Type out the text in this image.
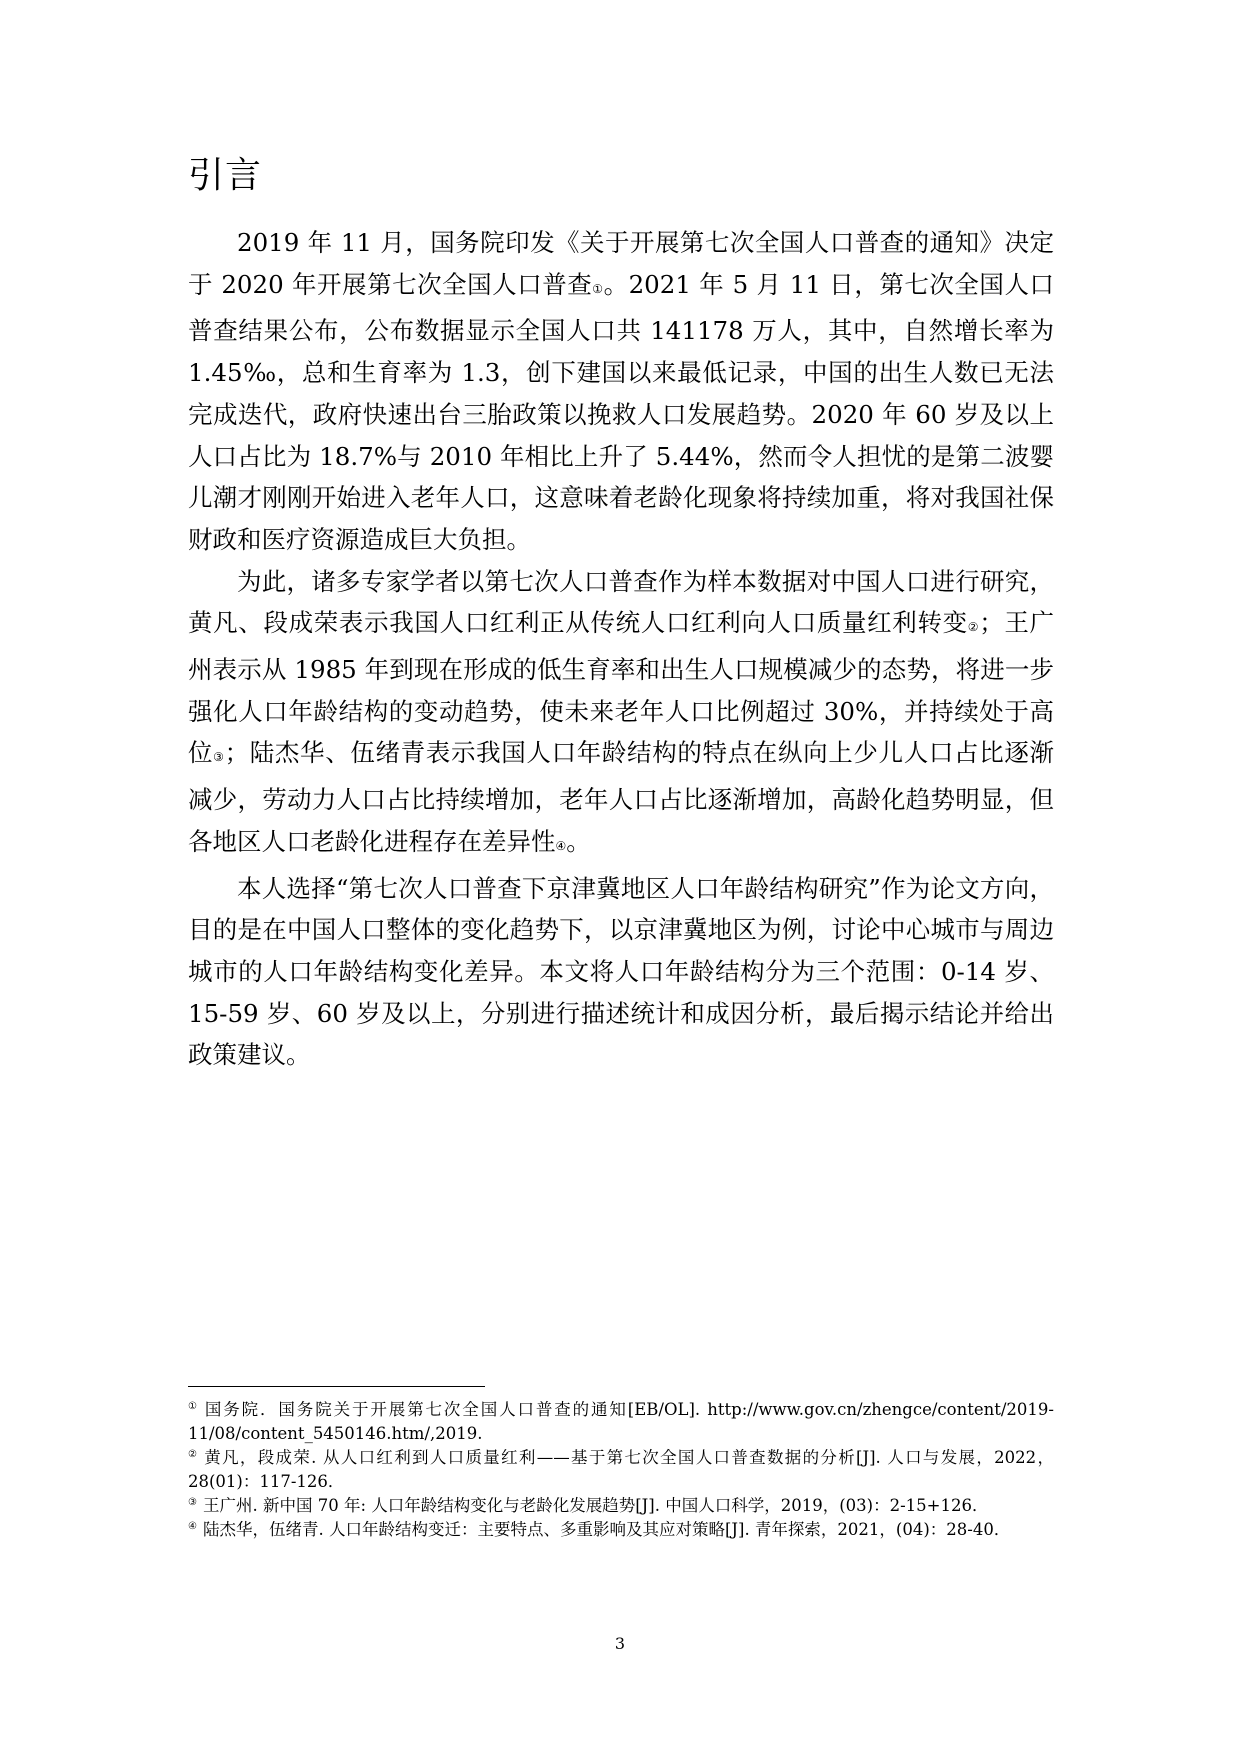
引言

2019 年 11 月，国务院印发《关于开展第七次全国人口普查的通知》决定于 2020 年开展第七次全国人口普查①。2021 年 5 月 11 日，第七次全国人口普查结果公布，公布数据显示全国人口共 141178 万人，其中，自然增长率为 1.45‰，总和生育率为 1.3，创下建国以来最低记录，中国的出生人数已无法完成迭代，政府快速出台三胎政策以挽救人口发展趋势。2020 年 60 岁及以上人口占比为 18.7%与 2010 年相比上升了 5.44%，然而令人担忧的是第二波婴儿潮才刚刚开始进入老年人口，这意味着老龄化现象将持续加重，将对我国社保财政和医疗资源造成巨大负担。

为此，诸多专家学者以第七次人口普查作为样本数据对中国人口进行研究，黄凡、段成荣表示我国人口红利正从传统人口红利向人口质量红利转变②；王广州表示从 1985 年到现在形成的低生育率和出生人口规模减少的态势，将进一步强化人口年龄结构的变动趋势，使未来老年人口比例超过 30%，并持续处于高位③；陆杰华、伍绪青表示我国人口年龄结构的特点在纵向上少儿人口占比逐渐减少，劳动力人口占比持续增加，老年人口占比逐渐增加，高龄化趋势明显，但各地区人口老龄化进程存在差异性④。

本人选择“第七次人口普查下京津冀地区人口年龄结构研究”作为论文方向，目的是在中国人口整体的变化趋势下，以京津冀地区为例，讨论中心城市与周边城市的人口年龄结构变化差异。本文将人口年龄结构分为三个范围：0-14 岁、15-59 岁、60 岁及以上，分别进行描述统计和成因分析，最后揭示结论并给出政策建议。

① 国务院．国务院关于开展第七次全国人口普查的通知[EB/OL]. http://www.gov.cn/zhengce/content/2019-11/08/content_5450146.htm/,2019.

② 黄凡，段成荣. 从人口红利到人口质量红利——基于第七次全国人口普查数据的分析[J]. 人口与发展，2022，28(01)：117-126．

③ 王广州. 新中国 70 年: 人口年龄结构变化与老龄化发展趋势[J]. 中国人口科学，2019，(03)：2-15+126．

④ 陆杰华，伍绪青. 人口年龄结构变迁：主要特点、多重影响及其应对策略[J]. 青年探索，2021，(04)：28-40．

3
